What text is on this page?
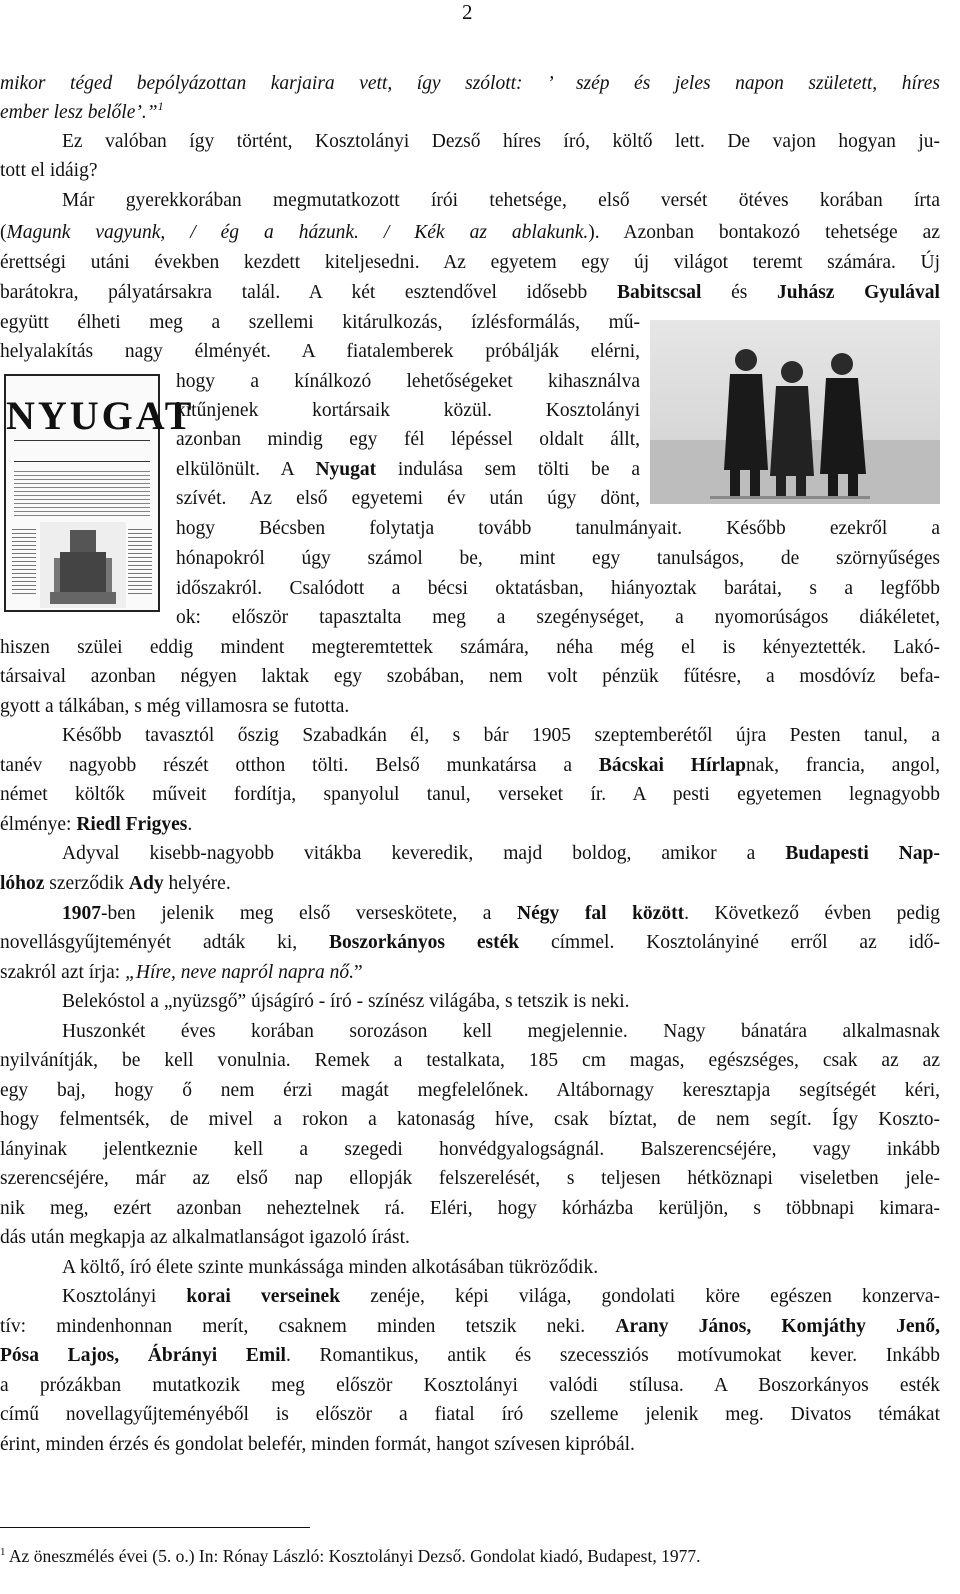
2
mikor téged bepólyázottan karjaira vett, így szólott: ’ szép és jeles napon született, híres
ember lesz belőle’.”$^1$
Ez valóban így történt, Kosztolányi Dezső híres író, költő lett. De vajon hogyan ju-
tott el idáig?
Már gyerekkorában megmutatkozott írói tehetsége, első versét ötéves korában írta
(Magunk vagyunk, / ég a házunk. / Kék az ablakunk.). Azonban bontakozó tehetsége az
érettségi utáni években kezdett kiteljesedni. Az egyetem egy új világot teremt számára. Új
barátokra, pályatársakra talál. A két esztendővel idősebb Babitscsal és Juhász Gyulával
együtt élheti meg a szellemi kitárulkozás, ízlésformálás, mű-
helyalakítás nagy élményét. A fiatalemberek próbálják elérni,
hogy a kínálkozó lehetőségeket kihasználva
kitűnjenek kortársaik közül. Kosztolányi
azonban mindig egy fél lépéssel oldalt állt,
elkülönült. A Nyugat indulása sem tölti be a
szívét. Az első egyetemi év után úgy dönt,
hogy Bécsben folytatja tovább tanulmányait. Később ezekről a
hónapokról úgy számol be, mint egy tanulságos, de szörnyűséges
időszakról. Csalódott a bécsi oktatásban, hiányoztak barátai, s a legfőbb
ok: először tapasztalta meg a szegénységet, a nyomorúságos diákéletet,
hiszen szülei eddig mindent megteremtettek számára, néha még el is kényeztették. Lakó-
társaival azonban négyen laktak egy szobában, nem volt pénzük fűtésre, a mosdóvíz befa-
gyott a tálkában, s még villamosra se futotta.
Később tavasztól őszig Szabadkán él, s bár 1905 szeptemberétől újra Pesten tanul, a
tanév nagyobb részét otthon tölti. Belső munkatársa a Bácskai Hírlapnak, francia, angol,
német költők műveit fordítja, spanyolul tanul, verseket ír. A pesti egyetemen legnagyobb
élménye: Riedl Frigyes.
Adyval kisebb-nagyobb vitákba keveredik, majd boldog, amikor a Budapesti Nap-
lóhoz szerződik Ady helyére.
1907-ben jelenik meg első verseskötete, a Négy fal között. Következő évben pedig
novellásgyűjteményét adták ki, Boszorkányos esték címmel. Kosztolányiné erről az idő-
szakról azt írja: „Híre, neve napról napra nő.”
Belekóstol a „nyüzsgő” újságíró - író - színész világába, s tetszik is neki.
Huszonkét éves korában sorozáson kell megjelennie. Nagy bánatára alkalmasnak
nyilvánítják, be kell vonulnia. Remek a testalkata, 185 cm magas, egészséges, csak az az
egy baj, hogy ő nem érzi magát megfelelőnek. Altábornagy keresztapja segítségét kéri,
hogy felmentsék, de mivel a rokon a katonaság híve, csak bíztat, de nem segít. Így Koszto-
lányinak jelentkeznie kell a szegedi honvédgyalogságnál. Balszerencséjére, vagy inkább
szerencséjére, már az első nap ellopják felszerelését, s teljesen hétköznapi viseletben jele-
nik meg, ezért azonban neheztelnek rá. Eléri, hogy kórházba kerüljön, s többnapi kimara-
dás után megkapja az alkalmatlanságot igazoló írást.
A költő, író élete szinte munkássága minden alkotásában tükröződik.
Kosztolányi korai verseinek zenéje, képi világa, gondolati köre egészen konzerva-
tív: mindenhonnan merít, csaknem minden tetszik neki. Arany János, Komjáthy Jenő,
Pósa Lajos, Ábrányi Emil. Romantikus, antik és szecessziós motívumokat kever. Inkább
a prózákban mutatkozik meg először Kosztolányi valódi stílusa. A Boszorkányos esték
című novellagyűjteményéből is először a fiatal író szelleme jelenik meg. Divatos témákat
érint, minden érzés és gondolat belefér, minden formát, hangot szívesen kipróbál.
NYUGAT
$^1$ Az öneszmélés évei (5. o.) In: Rónay László: Kosztolányi Dezső. Gondolat kiadó, Budapest, 1977.
